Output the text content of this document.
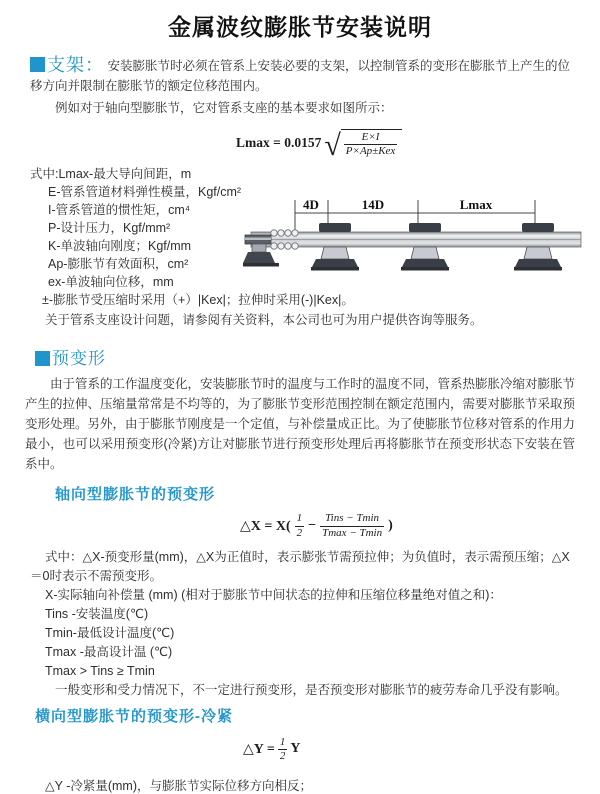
金属波纹膨胀节安装说明
支架： 安装膨胀节时必须在管系上安装必要的支架，以控制管系的变形在膨胀节上产生的位移方向并限制在膨胀节的额定位移范围内。
例如对于轴向型膨胀节，它对管系支座的基本要求如图所示：
Lmax = 0.0157 √ $\frac{E\times I}{\text{P×Ap±Kex}}$
式中:Lmax-最大导向间距，m
E-管系管道材料弹性模量，Kgf/cm²
I-管系管道的惯性矩，cm⁴
P-设计压力，Kgf/mm²
K-单波轴向刚度；Kgf/mm
Ap-膨胀节有效面积，cm²
ex-单波轴向位移，mm
±-膨胀节受压缩时采用（+）|Kex|；拉伸时采用(-)|Kex|。
关于管系支座设计问题，请参阅有关资料，本公司也可为用户提供咨询等服务。
4D	14D	Lmax
预变形
由于管系的工作温度变化，安装膨胀节时的温度与工作时的温度不同，管系热膨胀冷缩对膨胀节产生的拉伸、压缩量常常是不均等的，为了膨胀节变形范围控制在额定范围内，需要对膨胀节采取预变形处理。另外，由于膨胀节刚度是一个定值，与补偿量成正比。为了使膨胀节位移对管系的作用力最小，也可以采用预变形(冷紧)方让对膨胀节进行预变形处理后再将膨胀节在预变形状态下安装在管系中。
轴向型膨胀节的预变形
△X = $X( \frac{1}{2} - \frac{\text{Tins − Tmin}}{Tmax - Tmin}$ )
式中：△X-预变形量(mm)，△X为正值时，表示膨张节需预拉伸；为负值时，表示需预压缩；△X＝0时表示不需预变形。
X-实际轴向补偿量 (mm) (相对于膨胀节中间状态的拉伸和压缩位移量绝对值之和)：
Tins -安装温度(℃)
Tmin-最低设计温度(℃)
Tmax -最高设计温 (℃)
Tmax > Tins ≥ Tmin
一般变形和受力情况下，不一定进行预变形，是否预变形对膨胀节的疲劳寿命几乎没有影响。
横向型膨胀节的预变形-冷紧
△Y = $\frac{1}{2}$ Y
△Y -冷紧量(mm)，与膨胀节实际位移方向相反；
